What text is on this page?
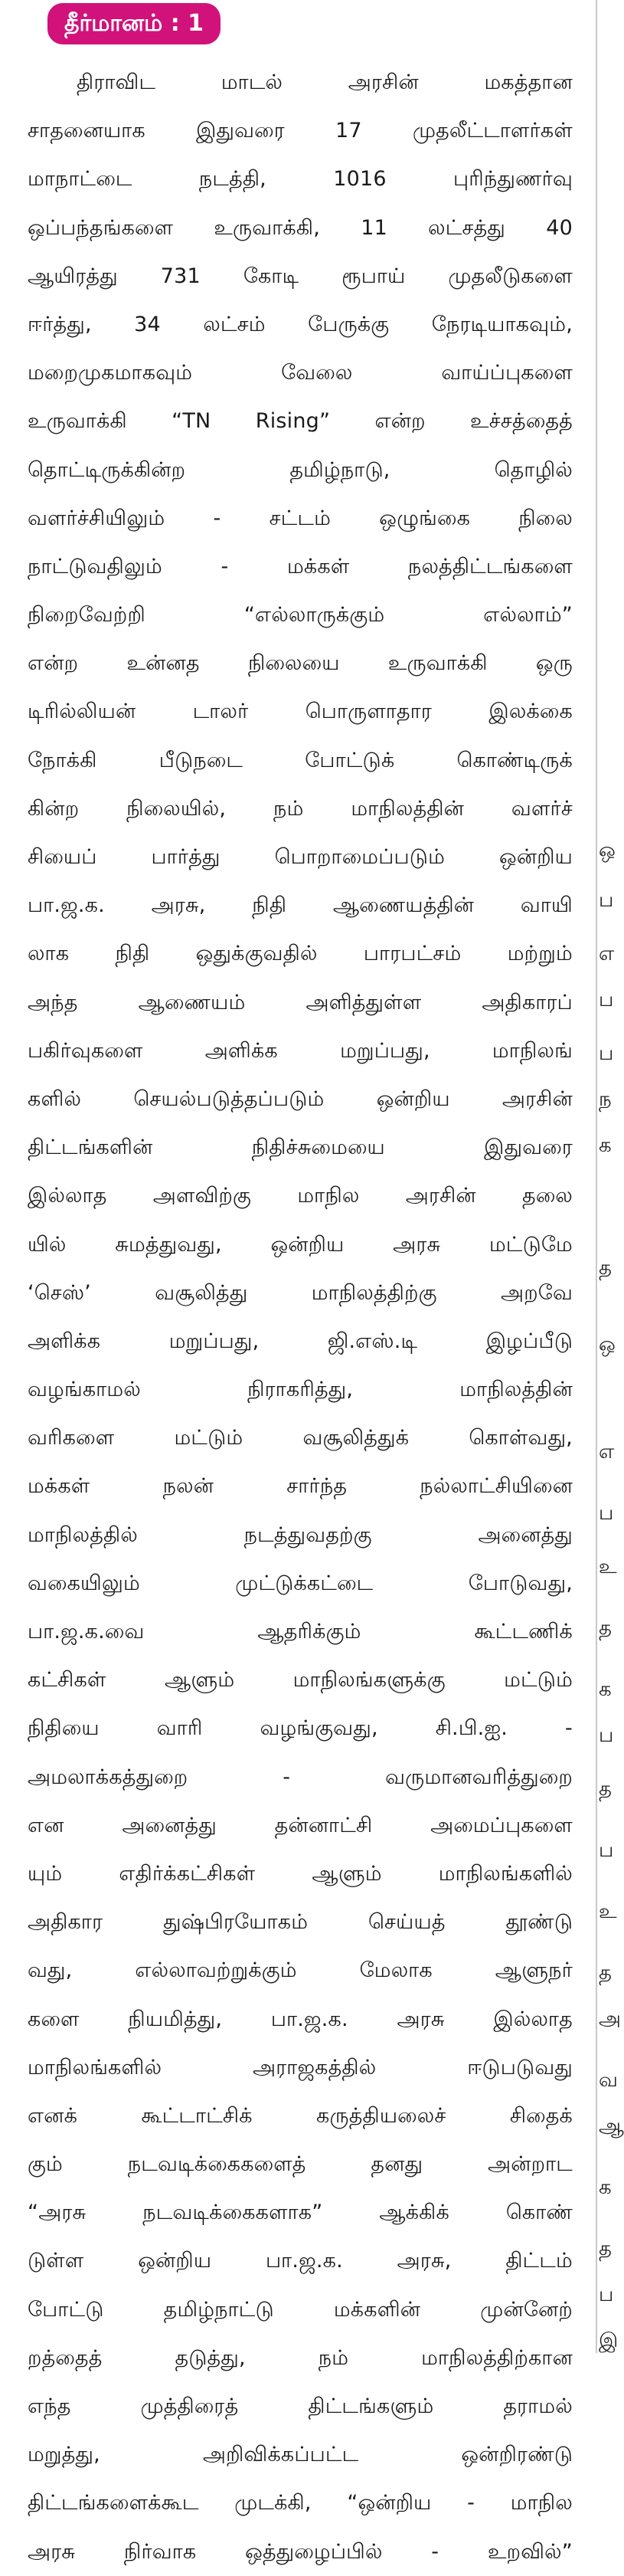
தீர்மானம் : 1
திராவிட	மாடல்	அரசின்	மகத்தான
சாதனையாக இதுவரை 17 முதலீட்டாளர்கள்
மாநாட்டை	நடத்தி,	1016	புரிந்துணர்வு
ஒப்பந்தங்களை உருவாக்கி, 11 லட்சத்து 40
ஆயிரத்து 731 கோடி ரூபாய் முதலீடுகளை
ஈர்த்து, 34 லட்சம் பேருக்கு நேரடியாகவும்,
மறைமுகமாகவும்	வேலை	வாய்ப்புகளை
உருவாக்கி “TN Rising” என்ற உச்சத்தைத்
தொட்டிருக்கின்ற	தமிழ்நாடு,	தொழில்
வளர்ச்சியிலும் - சட்டம் ஒழுங்கை நிலை
நாட்டுவதிலும்	-	மக்கள்	நலத்திட்டங்களை
நிறைவேற்றி	“எல்லாருக்கும்	எல்லாம்”
என்ற உன்னத நிலையை உருவாக்கி ஒரு
டிரில்லியன்	டாலர்	பொருளாதார	இலக்கை
நோக்கி	பீடுநடை	போட்டுக்	கொண்டிருக்
கின்ற நிலையில், நம் மாநிலத்தின் வளர்ச்
சியைப்	பார்த்து	பொறாமைப்படும்	ஒன்றிய
பா.ஜ.க. அரசு, நிதி ஆணையத்தின் வாயி
லாக நிதி ஒதுக்குவதில் பாரபட்சம் மற்றும்
அந்த	ஆணையம்	அளித்துள்ள	அதிகாரப்
பகிர்வுகளை	அளிக்க	மறுப்பது,	மாநிலங்
களில்	செயல்படுத்தப்படும்	ஒன்றிய	அரசின்
திட்டங்களின்	நிதிச்சுமையை	இதுவரை
இல்லாத அளவிற்கு மாநில அரசின் தலை
யில் சுமத்துவது, ஒன்றிய அரசு மட்டுமே
‘செஸ்’	வசூலித்து	மாநிலத்திற்கு	அறவே
அளிக்க	மறுப்பது,	ஜி.எஸ்.டி	இழப்பீடு
வழங்காமல்	நிராகரித்து,	மாநிலத்தின்
வரிகளை	மட்டும்	வசூலித்துக்	கொள்வது,
மக்கள்	நலன்	சார்ந்த	நல்லாட்சியினை
மாநிலத்தில்	நடத்துவதற்கு	அனைத்து
வகையிலும்	முட்டுக்கட்டை	போடுவது,
பா.ஜ.க.வை	ஆதரிக்கும்	கூட்டணிக்
கட்சிகள்	ஆளும்	மாநிலங்களுக்கு	மட்டும்
நிதியை	வாரி	வழங்குவது,	சி.பி.ஐ.	-
அமலாக்கத்துறை	-	வருமானவரித்துறை
என	அனைத்து	தன்னாட்சி	அமைப்புகளை
யும்	எதிர்க்கட்சிகள்	ஆளும்	மாநிலங்களில்
அதிகார	துஷ்பிரயோகம்	செய்யத்	தூண்டு
வது,	எல்லாவற்றுக்கும்	மேலாக	ஆளுநர்
களை நியமித்து, பா.ஜ.க. அரசு இல்லாத
மாநிலங்களில்	அராஜகத்தில்	ஈடுபடுவது
எனக்	கூட்டாட்சிக்	கருத்தியலைச்	சிதைக்
கும்	நடவடிக்கைகளைத்	தனது	அன்றாட
“அரசு	நடவடிக்கைகளாக”	ஆக்கிக்	கொண்
டுள்ள	ஒன்றிய	பா.ஜ.க.	அரசு,	திட்டம்
போட்டு	தமிழ்நாட்டு	மக்களின்	முன்னேற்
றத்தைத்	தடுத்து,	நம்	மாநிலத்திற்கான
எந்த	முத்திரைத்	திட்டங்களும்	தராமல்
மறுத்து,	அறிவிக்கப்பட்ட	ஒன்றிரண்டு
திட்டங்களைக்கூட முடக்கி, “ஒன்றிய - மாநில
அரசு நிர்வாக ஒத்துழைப்பில் - உறவில்”
ஒ
ப
எ
ப
ப
ந
க
த
ஒ
எ
ப
உ
த
க
ப
த
ப
உ
த
அ
வ
ஆ
க
த
ப
இ
